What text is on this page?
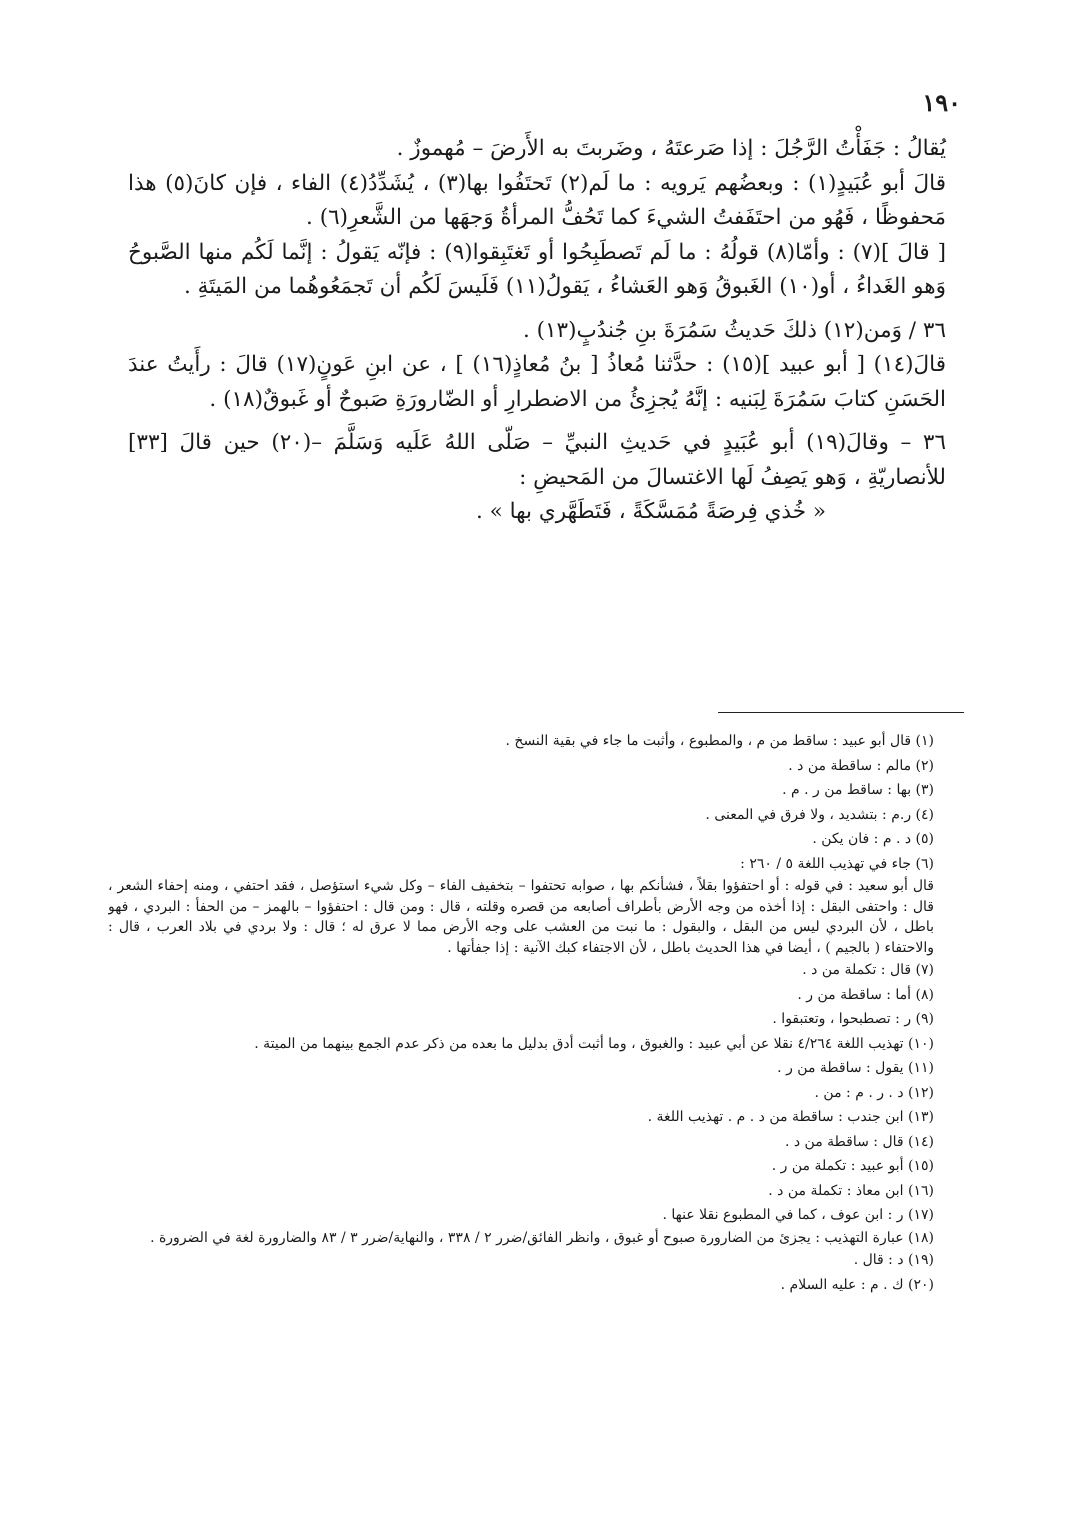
١٩٠

يُقالُ : جَفَأْتُ الرَّجُلَ : إذا صَرعتَهُ ، وضَربتَ به الأَرضَ – مُهموزٌ .

قالَ أبو عُبَيدٍ(١) : وبعضُهم يَرويه : ما لَم(٢) تَحتَفُوا بها(٣) ، يُشَدِّدُ(٤) الفاء ، فإن كانَ(٥) هذا مَحفوظًا ، فَهُو من احتَفَفتُ الشيءَ كما تَحُفُّ المرأةُ وَجهَها من الشَّعرِ(٦) .

[ قالَ ](٧) : وأمّا(٨) قولُهُ : ما لَم تَصطَبِحُوا أو تَغتَبِقوا(٩) : فإنّه يَقولُ : إنَّما لَكُم منها الصَّبوحُ وَهو الغَداءُ ، أو(١٠) الغَبوقُ وَهو العَشاءُ ، يَقولُ(١١) فَلَيسَ لَكُم أن تَجمَعُوهُما من المَيتَةِ .

٣٦ / وَمن(١٢) ذلكَ حَديثُ سَمُرَةَ بنِ جُندُبٍ(١٣) .

قالَ(١٤) [ أبو عبيد ](١٥) : حدَّثنا مُعاذُ [ بنُ مُعاذٍ(١٦) ] ، عن ابنِ عَونٍ(١٧) قالَ : رأَيتُ عندَ الحَسَنِ كتابَ سَمُرَةَ لِبَنيه : إنَّهُ يُجزِئُ من الاضطرارِ أو الضّارورَةِ صَبوحٌ أو غَبوقٌ(١٨) .

٣٦ – وقالَ(١٩) أبو عُبَيدٍ في حَديثِ النبيِّ – صَلّى اللهُ عَلَيه وَسَلَّمَ –(٢٠) حين قالَ [٣٣] للأنصاريّةِ ، وَهو يَصِفُ لَها الاغتسالَ من المَحيضِ :

« خُذي فِرصَةً مُمَسَّكَةً ، فَتَطَهَّري بها » .

(١) قال أبو عبيد : ساقط من م ، والمطبوع ، وأثبت ما جاء في بقية النسخ .

(٢) مالم : ساقطة من د .

(٣) بها : ساقط من ر . م .

(٤) ر.م : بتشديد ، ولا فرق في المعنى .

(٥) د . م : فان يكن .

(٦) جاء في تهذيب اللغة ٥ / ٢٦٠ :

قال أبو سعيد : في قوله : أو احتفؤوا بقلاً ، فشأنكم بها ، صوابه تحتفوا – بتخفيف الفاء – وكل شيء استؤصل ، فقد احتفي ، ومنه إحفاء الشعر ، قال : واحتفى البقل : إذا أخذه من وجه الأرض بأطراف أصابعه من قصره وقلته ، قال : ومن قال : احتفؤوا – بالهمز – من الحفأ : البردي ، فهو باطل ، لأن البردي ليس من البقل ، والبقول : ما نبت من العشب على وجه الأرض مما لا عرق له ؛ قال : ولا بردي في بلاد العرب ، قال : والاحتفاء ( بالجيم ) ، أيضا في هذا الحديث باطل ، لأن الاجتفاء كبك الآنية : إذا جفأتها .

(٧) قال : تكملة من د .

(٨) أما : ساقطة من ر .

(٩) ر : تصطبحوا ، وتعتبقوا .

(١٠) تهذيب اللغة ٤/٢٦٤ نقلا عن أبي عبيد : والغبوق ، وما أثبت أدق بدليل ما بعده من ذكر عدم الجمع بينهما من الميتة .

(١١) يقول : ساقطة من ر .

(١٢) د . ر . م : من .

(١٣) ابن جندب : ساقطة من د . م . تهذيب اللغة .

(١٤) قال : ساقطة من د .

(١٥) أبو عبيد : تكملة من ر .

(١٦) ابن معاذ : تكملة من د .

(١٧) ر : ابن عوف ، كما في المطبوع نقلا عنها .

(١٨) عبارة التهذيب : يجزئ من الضارورة صبوح أو غبوق ، وانظر الفائق/ضرر ٢ / ٣٣٨ ، والنهاية/ضرر ٣ / ٨٣ والضارورة لغة في الضرورة .

(١٩) د : قال .

(٢٠) ك . م : عليه السلام .
